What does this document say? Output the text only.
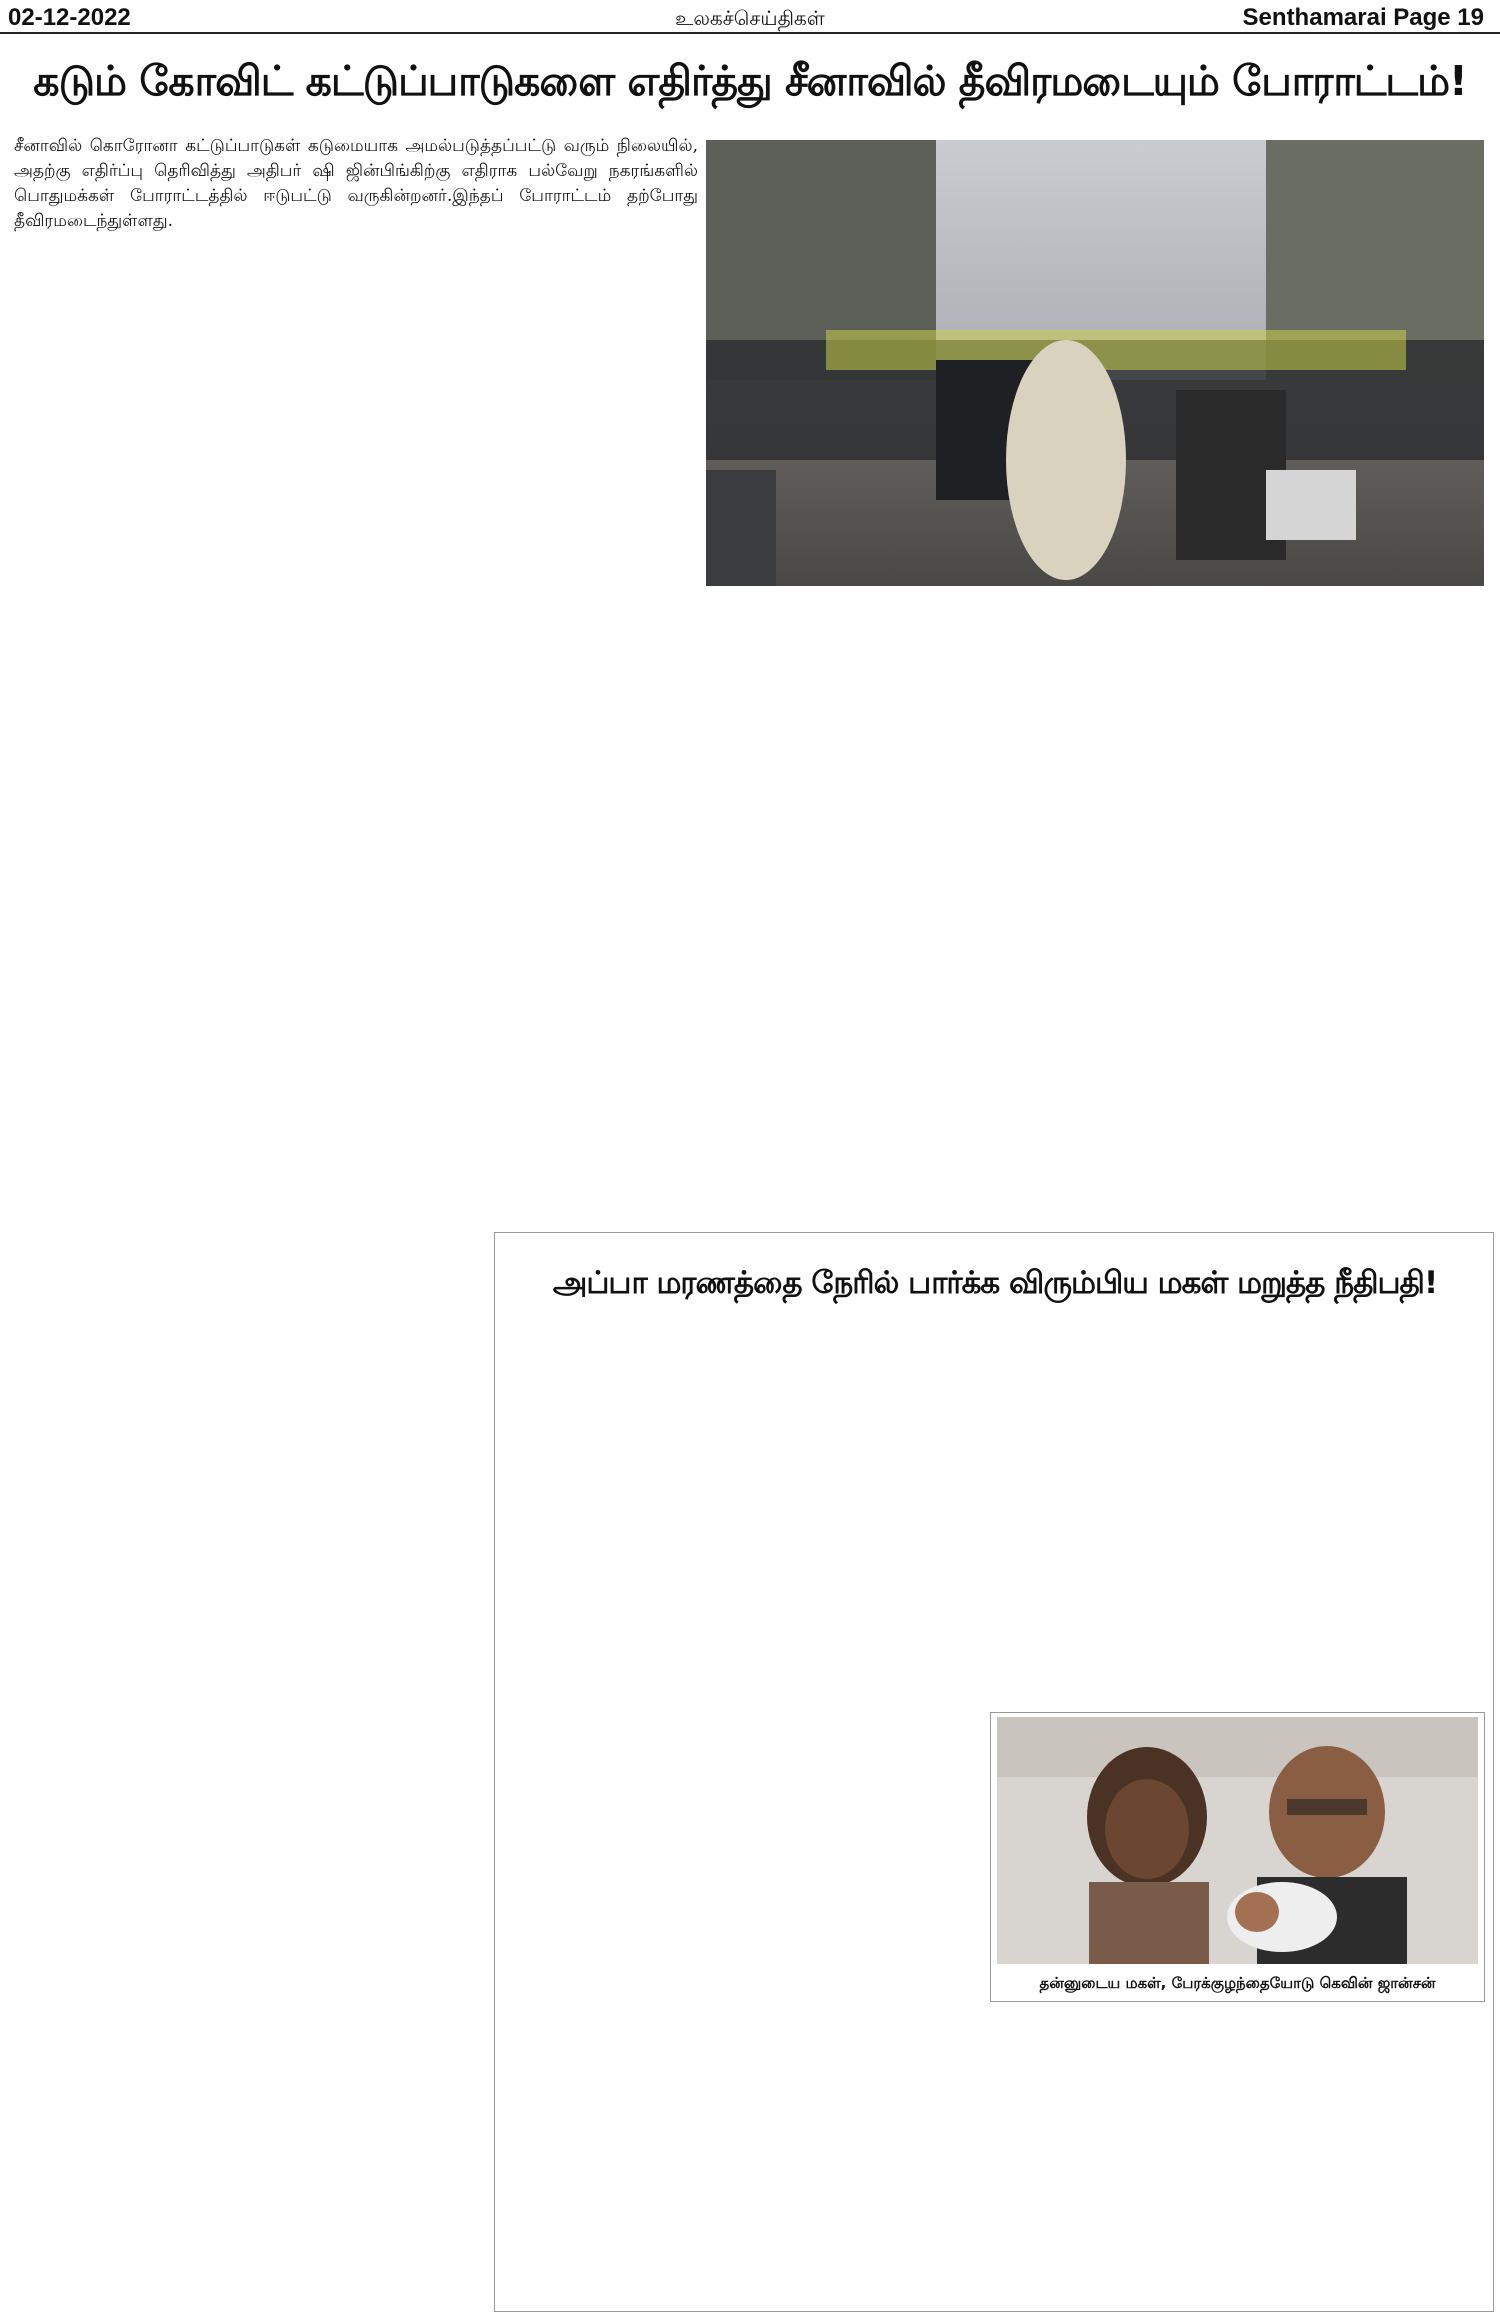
02-12-2022	உலகச்செய்திகள்	Senthamarai Page 19
கடும் கோவிட் கட்டுப்பாடுகளை எதிர்த்து சீனாவில் தீவிரமடையும் போராட்டம்!

சீனாவில் கொரோனா கட்டுப்பாடுகள் கடுமையாக அமல்படுத்தப்பட்டு வரும் நிலையில், அதற்கு எதிர்ப்பு தெரிவித்து அதிபர் ஷி ஜின்பிங்கிற்கு எதிராக பல்வேறு நகரங்களில் பொதுமக்கள் போராட்டத்தில் ஈடுபட்டு வருகின்றனர்.இந்தப் போராட்டம் தற்போது தீவிரமடைந்துள்ளது.

அப்பா மரணத்தை நேரில் பார்க்க விரும்பிய மகள் மறுத்த நீதிபதி!
தன்னுடைய மகள், பேரக்குழந்தையோடு கெவின் ஜான்சன்
